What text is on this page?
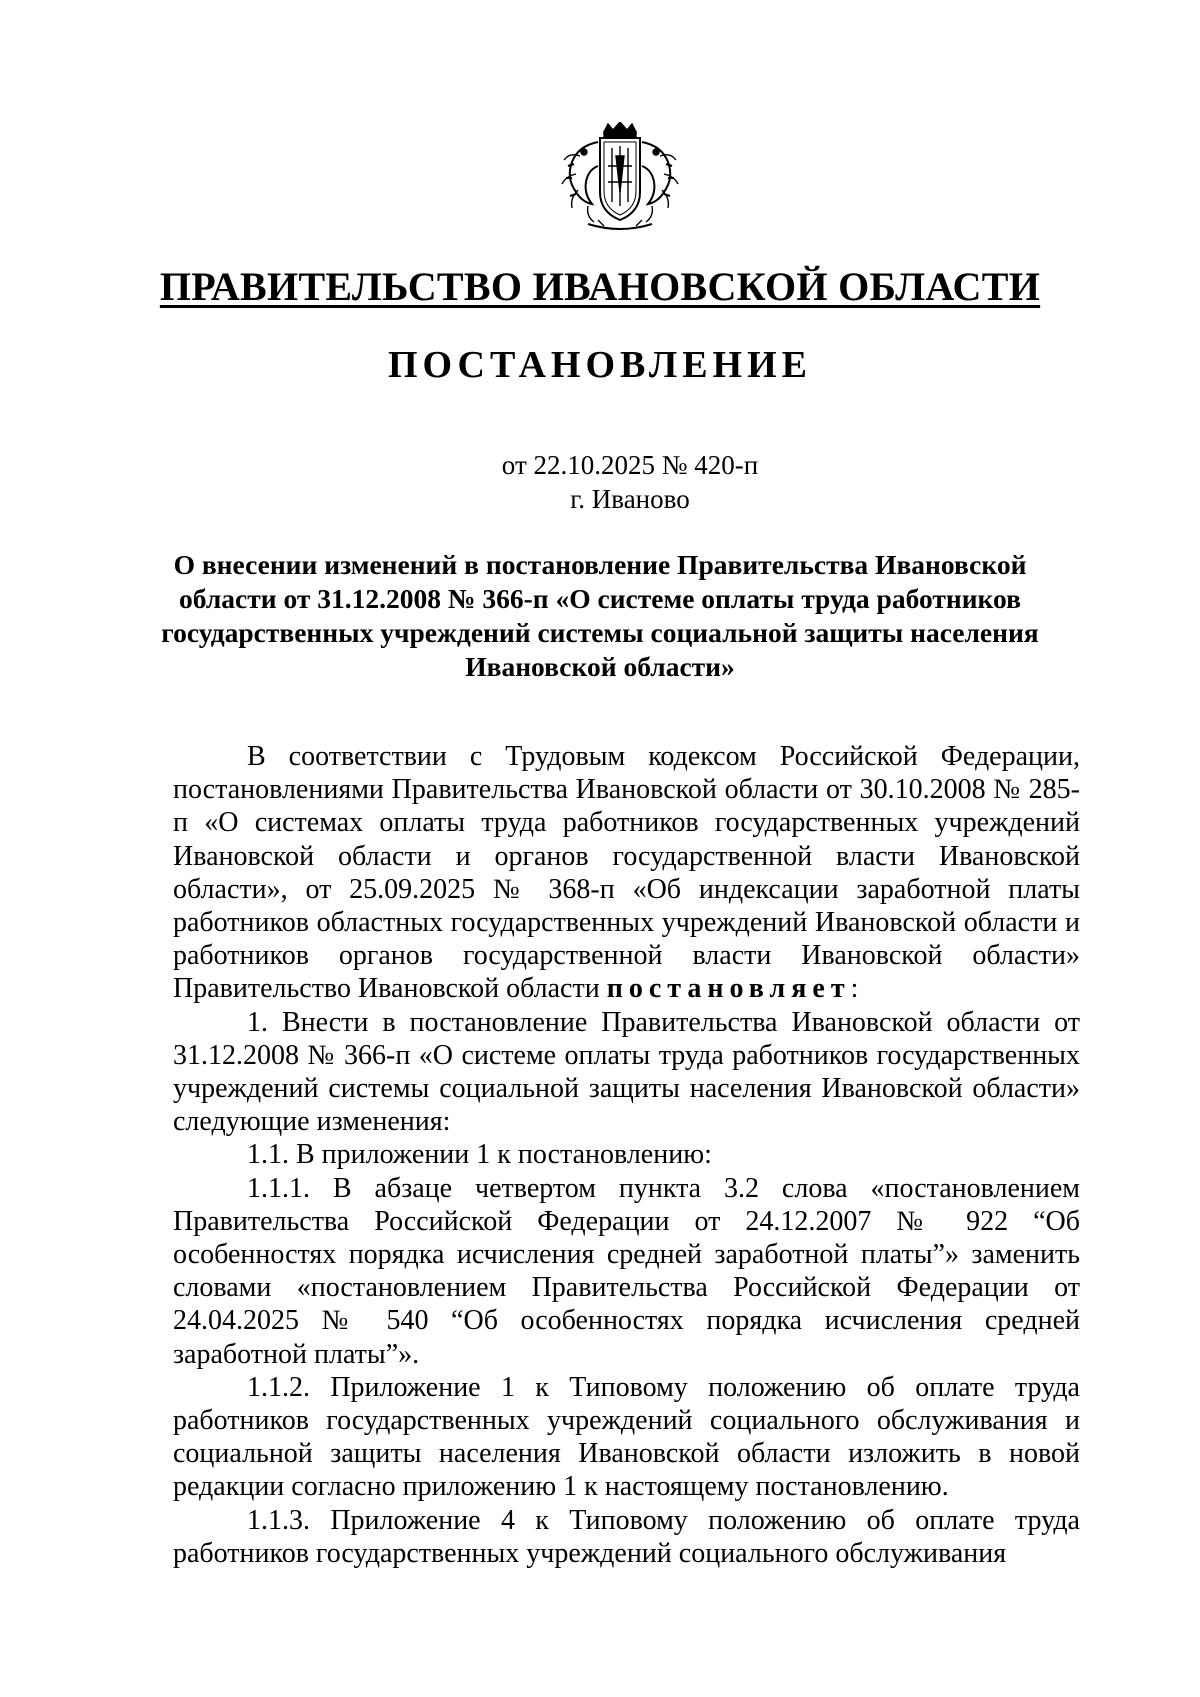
ПРАВИТЕЛЬСТВО ИВАНОВСКОЙ ОБЛАСТИ
ПОСТАНОВЛЕНИЕ
от 22.10.2025 № 420-п
г. Иваново
О внесении изменений в постановление Правительства Ивановской области от 31.12.2008 № 366-п «О системе оплаты труда работников государственных учреждений системы социальной защиты населения Ивановской области»

В соответствии с Трудовым кодексом Российской Федерации, постановлениями Правительства Ивановской области от 30.10.2008 № 285-п «О системах оплаты труда работников государственных учреждений Ивановской области и органов государственной власти Ивановской области», от 25.09.2025 № 368-п «Об индексации заработной платы работников областных государственных учреждений Ивановской области и работников органов государственной власти Ивановской области» Правительство Ивановской области постановляет:

1. Внести в постановление Правительства Ивановской области от 31.12.2008 № 366-п «О системе оплаты труда работников государственных учреждений системы социальной защиты населения Ивановской области» следующие изменения:

1.1. В приложении 1 к постановлению:

1.1.1. В абзаце четвертом пункта 3.2 слова «постановлением Правительства Российской Федерации от 24.12.2007 № 922 “Об особенностях порядка исчисления средней заработной платы”» заменить словами «постановлением Правительства Российской Федерации от 24.04.2025 № 540 “Об особенностях порядка исчисления средней заработной платы”».

1.1.2. Приложение 1 к Типовому положению об оплате труда работников государственных учреждений социального обслуживания и социальной защиты населения Ивановской области изложить в новой редакции согласно приложению 1 к настоящему постановлению.

1.1.3. Приложение 4 к Типовому положению об оплате труда работников государственных учреждений социального обслуживания
